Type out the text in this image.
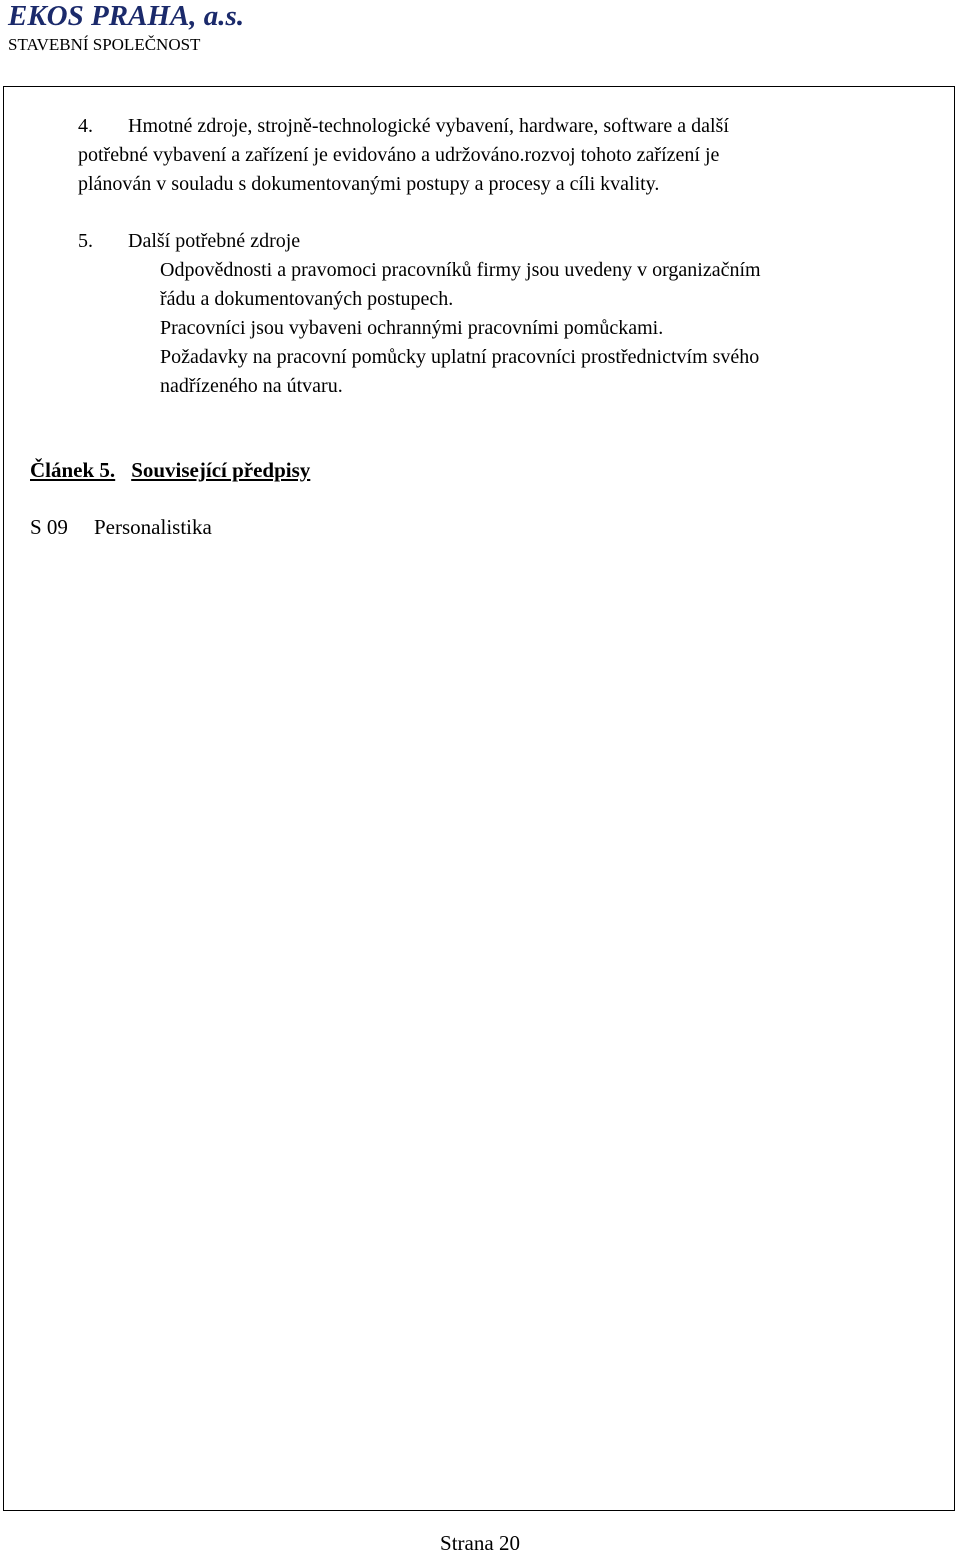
EKOS PRAHA, a.s.
STAVEBNÍ SPOLEČNOST
4. Hmotné zdroje, strojně-technologické vybavení, hardware, software a další
potřebné vybavení a zařízení je evidováno a udržováno.rozvoj tohoto zařízení je
plánován v souladu s dokumentovanými postupy a procesy a cíli kvality.
5. Další potřebné zdroje
Odpovědnosti a pravomoci pracovníků firmy jsou uvedeny v organizačním
řádu a dokumentovaných postupech.
Pracovníci jsou vybaveni ochrannými pracovními pomůckami.
Požadavky na pracovní pomůcky uplatní pracovníci prostřednictvím svého
nadřízeného na útvaru.
Článek 5. Související předpisy
S 09 Personalistika
Strana 20
